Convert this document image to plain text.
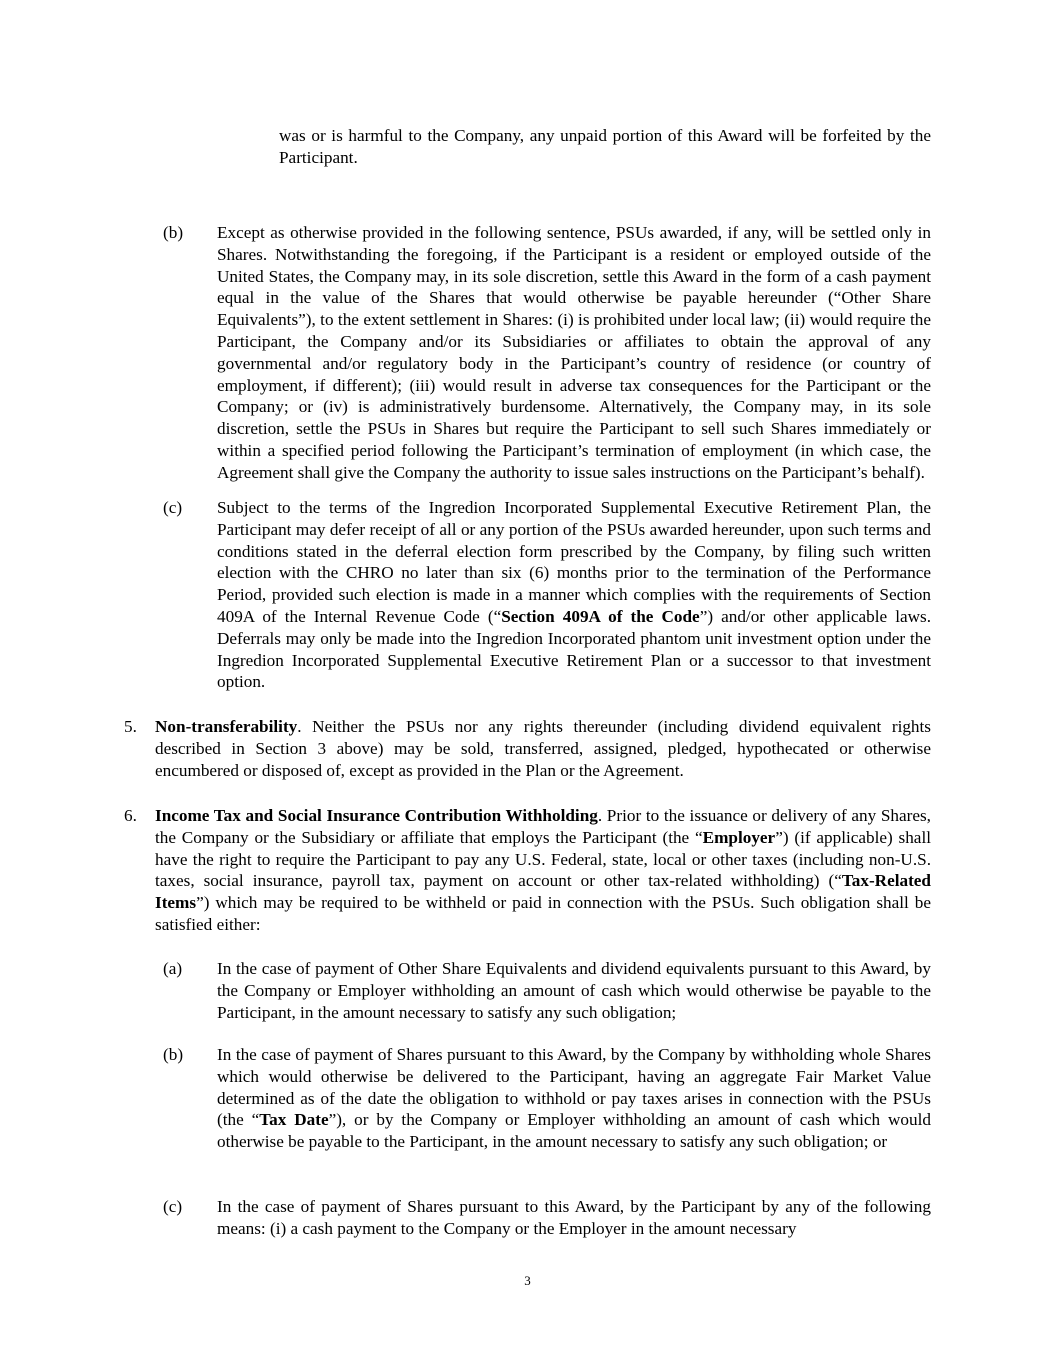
was or is harmful to the Company, any unpaid portion of this Award will be forfeited by the Participant.

(b) Except as otherwise provided in the following sentence, PSUs awarded, if any, will be settled only in Shares. Notwithstanding the foregoing, if the Participant is a resident or employed outside of the United States, the Company may, in its sole discretion, settle this Award in the form of a cash payment equal in the value of the Shares that would otherwise be payable hereunder (“Other Share Equivalents”), to the extent settlement in Shares: (i) is prohibited under local law; (ii) would require the Participant, the Company and/or its Subsidiaries or affiliates to obtain the approval of any governmental and/or regulatory body in the Participant’s country of residence (or country of employment, if different); (iii) would result in adverse tax consequences for the Participant or the Company; or (iv) is administratively burdensome. Alternatively, the Company may, in its sole discretion, settle the PSUs in Shares but require the Participant to sell such Shares immediately or within a specified period following the Participant’s termination of employment (in which case, the Agreement shall give the Company the authority to issue sales instructions on the Participant’s behalf).

(c) Subject to the terms of the Ingredion Incorporated Supplemental Executive Retirement Plan, the Participant may defer receipt of all or any portion of the PSUs awarded hereunder, upon such terms and conditions stated in the deferral election form prescribed by the Company, by filing such written election with the CHRO no later than six (6) months prior to the termination of the Performance Period, provided such election is made in a manner which complies with the requirements of Section 409A of the Internal Revenue Code (“Section 409A of the Code”) and/or other applicable laws. Deferrals may only be made into the Ingredion Incorporated phantom unit investment option under the Ingredion Incorporated Supplemental Executive Retirement Plan or a successor to that investment option.

5. Non-transferability. Neither the PSUs nor any rights thereunder (including dividend equivalent rights described in Section 3 above) may be sold, transferred, assigned, pledged, hypothecated or otherwise encumbered or disposed of, except as provided in the Plan or the Agreement.

6. Income Tax and Social Insurance Contribution Withholding. Prior to the issuance or delivery of any Shares, the Company or the Subsidiary or affiliate that employs the Participant (the “Employer”) (if applicable) shall have the right to require the Participant to pay any U.S. Federal, state, local or other taxes (including non-U.S. taxes, social insurance, payroll tax, payment on account or other tax-related withholding) (“Tax-Related Items”) which may be required to be withheld or paid in connection with the PSUs. Such obligation shall be satisfied either:

(a) In the case of payment of Other Share Equivalents and dividend equivalents pursuant to this Award, by the Company or Employer withholding an amount of cash which would otherwise be payable to the Participant, in the amount necessary to satisfy any such obligation;

(b) In the case of payment of Shares pursuant to this Award, by the Company by withholding whole Shares which would otherwise be delivered to the Participant, having an aggregate Fair Market Value determined as of the date the obligation to withhold or pay taxes arises in connection with the PSUs (the “Tax Date”), or by the Company or Employer withholding an amount of cash which would otherwise be payable to the Participant, in the amount necessary to satisfy any such obligation; or

(c) In the case of payment of Shares pursuant to this Award, by the Participant by any of the following means: (i) a cash payment to the Company or the Employer in the amount necessary

3
